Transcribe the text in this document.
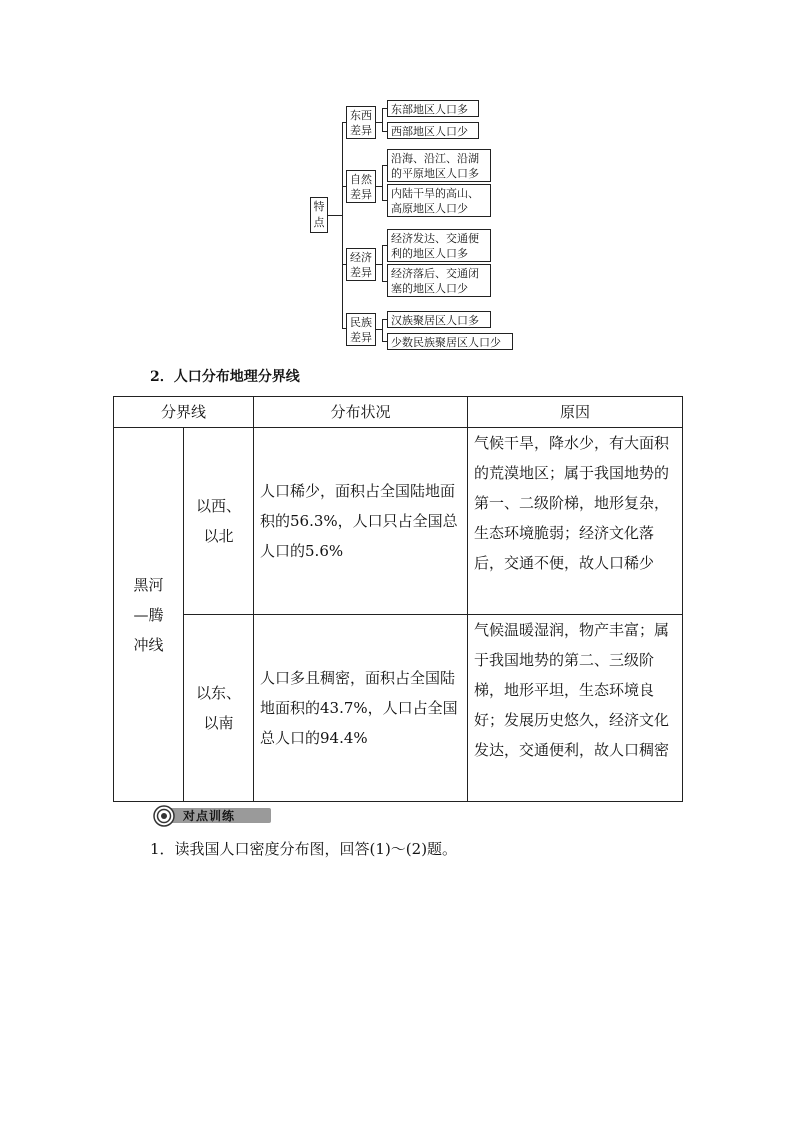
特点
东西差异
东部地区人口多
西部地区人口少
自然差异
沿海、沿江、沿湖的平原地区人口多
内陆干旱的高山、高原地区人口少
经济差异
经济发达、交通便利的地区人口多
经济落后、交通闭塞的地区人口少
民族差异
汉族聚居区人口多
少数民族聚居区人口少
2．人口分布地理分界线
分界线		分布状况	原因

黑河—腾冲线	以西、以北	人口稀少，面积占全国陆地面积的56.3%，人口只占全国总人口的5.6%	气候干旱，降水少，有大面积的荒漠地区；属于我国地势的第一、二级阶梯，地形复杂，生态环境脆弱；经济文化落后，交通不便，故人口稀少

	以东、以南	人口多且稠密，面积占全国陆地面积的43.7%，人口占全国总人口的94.4%	气候温暖湿润，物产丰富；属于我国地势的第二、三级阶梯，地形平坦，生态环境良好；发展历史悠久，经济文化发达，交通便利，故人口稠密
对点训练
1．读我国人口密度分布图，回答(1)～(2)题。
